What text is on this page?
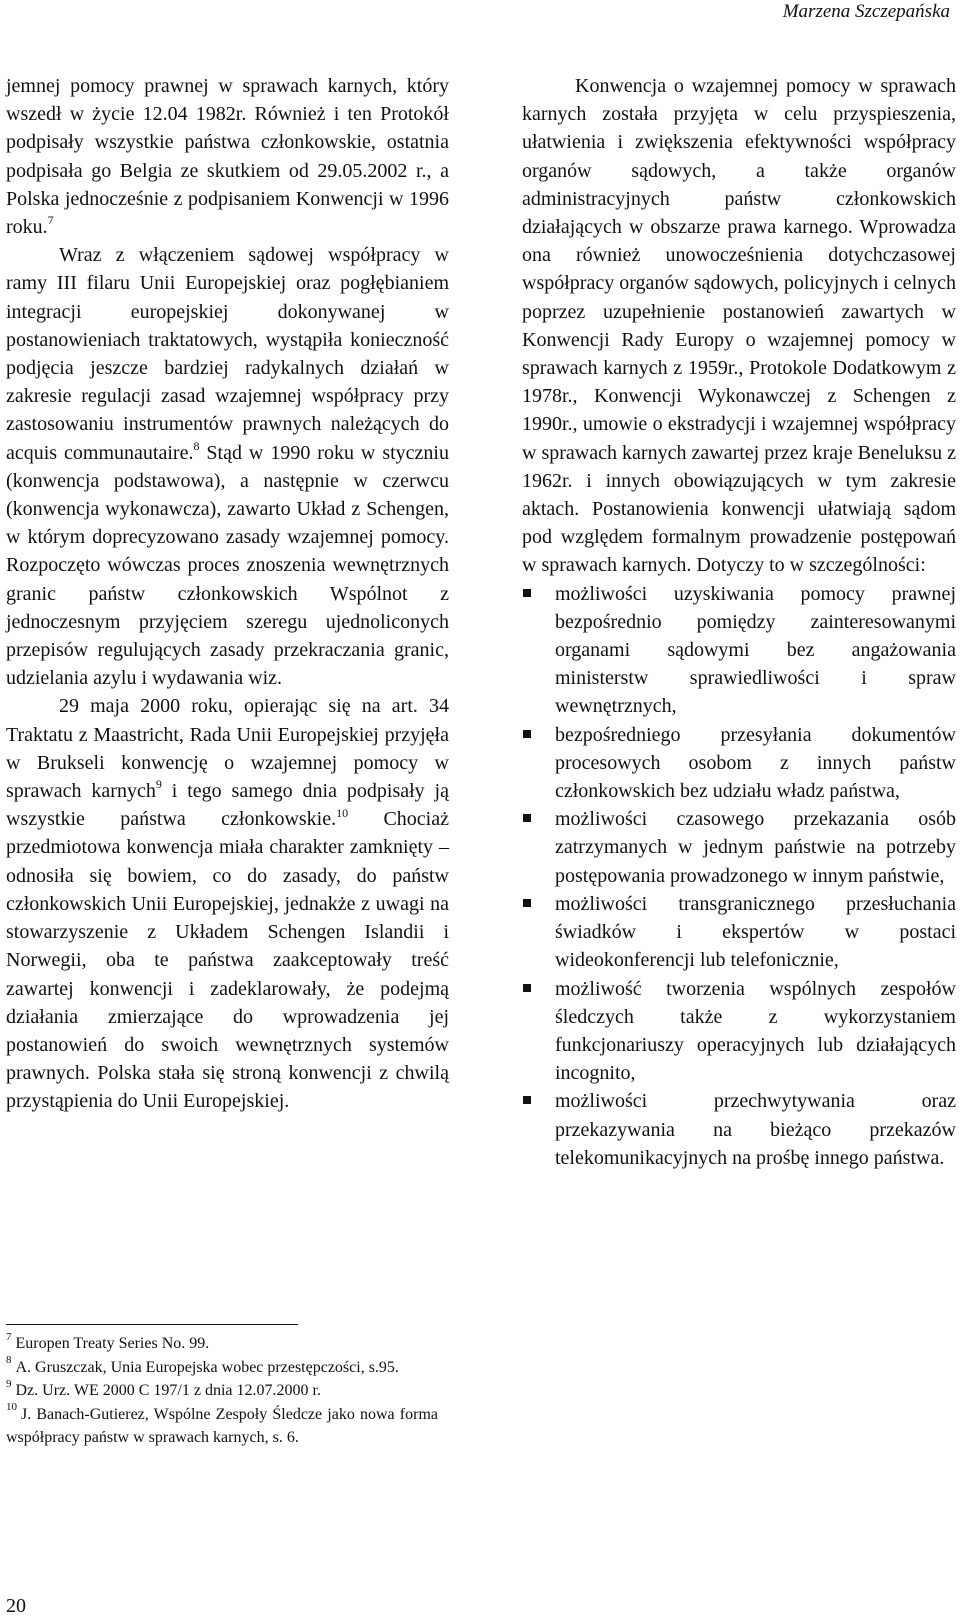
Marzena Szczepańska

jemnej pomocy prawnej w sprawach karnych, który wszedł w życie 12.04 1982r. Również i ten Protokół podpisały wszystkie państwa członkowskie, ostatnia podpisała go Belgia ze skutkiem od 29.05.2002 r., a Polska jednocześnie z podpisaniem Konwencji w 1996 roku.$^7$

Wraz z włączeniem sądowej współpracy w ramy III filaru Unii Europejskiej oraz pogłębianiem integracji europejskiej dokonywanej w postanowieniach traktatowych, wystąpiła konieczność podjęcia jeszcze bardziej radykalnych działań w zakresie regulacji zasad wzajemnej współpracy przy zastosowaniu instrumentów prawnych należących do acquis communautaire.$^8$ Stąd w 1990 roku w styczniu (konwencja podstawowa), a następnie w czerwcu (konwencja wykonawcza), zawarto Układ z Schengen, w którym doprecyzowano zasady wzajemnej pomocy. Rozpoczęto wówczas proces znoszenia wewnętrznych granic państw członkowskich Wspólnot z jednoczesnym przyjęciem szeregu ujednoliconych przepisów regulujących zasady przekraczania granic, udzielania azylu i wydawania wiz.

29 maja 2000 roku, opierając się na art. 34 Traktatu z Maastricht, Rada Unii Europejskiej przyjęła w Brukseli konwencję o wzajemnej pomocy w sprawach karnych$^9$ i tego samego dnia podpisały ją wszystkie państwa członkowskie.$^{10}$ Chociaż przedmiotowa konwencja miała charakter zamknięty – odnosiła się bowiem, co do zasady, do państw członkowskich Unii Europejskiej, jednakże z uwagi na stowarzyszenie z Układem Schengen Islandii i Norwegii, oba te państwa zaakceptowały treść zawartej konwencji i zadeklarowały, że podejmą działania zmierzające do wprowadzenia jej postanowień do swoich wewnętrznych systemów prawnych. Polska stała się stroną konwencji z chwilą przystąpienia do Unii Europejskiej.

$^7$ Europen Treaty Series No. 99.

$^8$ A. Gruszczak, Unia Europejska wobec przestępczości, s.95.

$^9$ Dz. Urz. WE 2000 C 197/1 z dnia 12.07.2000 r.

$^{10}$ J. Banach-Gutierez, Wspólne Zespoły Śledcze jako nowa forma współpracy państw w sprawach karnych, s. 6.

Konwencja o wzajemnej pomocy w sprawach karnych została przyjęta w celu przyspieszenia, ułatwienia i zwiększenia efektywności współpracy organów sądowych, a także organów administracyjnych państw członkowskich działających w obszarze prawa karnego. Wprowadza ona również unowocześnienia dotychczasowej współpracy organów sądowych, policyjnych i celnych poprzez uzupełnienie postanowień zawartych w Konwencji Rady Europy o wzajemnej pomocy w sprawach karnych z 1959r., Protokole Dodatkowym z 1978r., Konwencji Wykonawczej z Schengen z 1990r., umowie o ekstradycji i wzajemnej współpracy w sprawach karnych zawartej przez kraje Beneluksu z 1962r. i innych obowiązujących w tym zakresie aktach. Postanowienia konwencji ułatwiają sądom pod względem formalnym prowadzenie postępowań w sprawach karnych. Dotyczy to w szczególności:

możliwości uzyskiwania pomocy prawnej bezpośrednio pomiędzy zainteresowanymi organami sądowymi bez angażowania ministerstw sprawiedliwości i spraw wewnętrznych,
bezpośredniego przesyłania dokumentów procesowych osobom z innych państw członkowskich bez udziału władz państwa,
możliwości czasowego przekazania osób zatrzymanych w jednym państwie na potrzeby postępowania prowadzonego w innym państwie,
możliwości transgranicznego przesłuchania świadków i ekspertów w postaci wideokonferencji lub telefonicznie,
możliwość tworzenia wspólnych zespołów śledczych także z wykorzystaniem funkcjonariuszy operacyjnych lub działających incognito,
możliwości przechwytywania oraz przekazywania na bieżąco przekazów telekomunikacyjnych na prośbę innego państwa.
20
